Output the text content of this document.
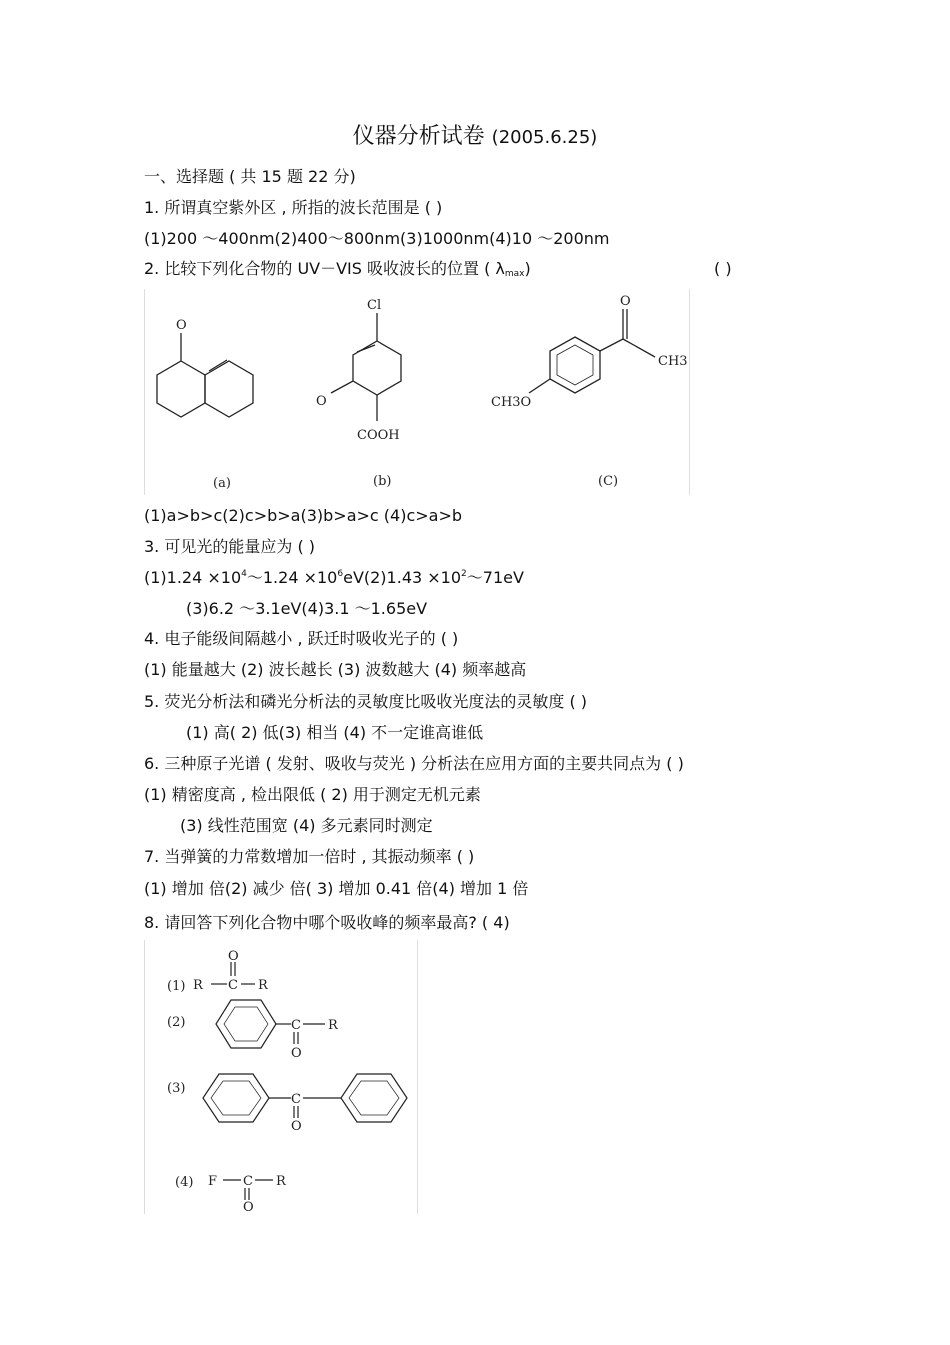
仪器分析试卷 (2005.6.25)
一、选择题 ( 共 15 题 22 分)
1. 所谓真空紫外区 , 所指的波长范围是 ( )
(1)200 ～400nm(2)400～800nm(3)1000nm(4)10 ～200nm
2. 比较下列化合物的 UV－VIS 吸收波长的位置 ( $\lambda_{max}$)	( )
O
Cl
O
COOH
O
CH3
CH3O
(a)	(b)	(C)
(1)a>b>c(2)c>b>a(3)b>a>c (4)c>a>b
3. 可见光的能量应为 ( )
$(1)1.24 \times 10^4\sim 1.24 \times 10^6eV(2)1.43$ $\times 10^2\sim 71eV$
(3)6.2 ～3.1eV(4)3.1 ～1.65eV
4. 电子能级间隔越小 , 跃迁时吸收光子的 ( )
(1) 能量越大 (2) 波长越长 (3) 波数越大 (4) 频率越高
5. 荧光分析法和磷光分析法的灵敏度比吸收光度法的灵敏度 ( )
(1) 高( 2) 低(3) 相当 (4) 不一定谁高谁低
6. 三种原子光谱 ( 发射、吸收与荧光 ) 分析法在应用方面的主要共同点为 ( )
(1) 精密度高 , 检出限低 ( 2) 用于测定无机元素
(3) 线性范围宽 (4) 多元素同时测定
7. 当弹簧的力常数增加一倍时 , 其振动频率 ( )
(1) 增加 倍(2) 减少 倍( 3) 增加 0.41 倍(4) 增加 1 倍
8. 请回答下列化合物中哪个吸收峰的频率最高? ( 4)
(1) R C
O
R
(2)	C
O
R
(3)
C
O
(4) F C
O
R
